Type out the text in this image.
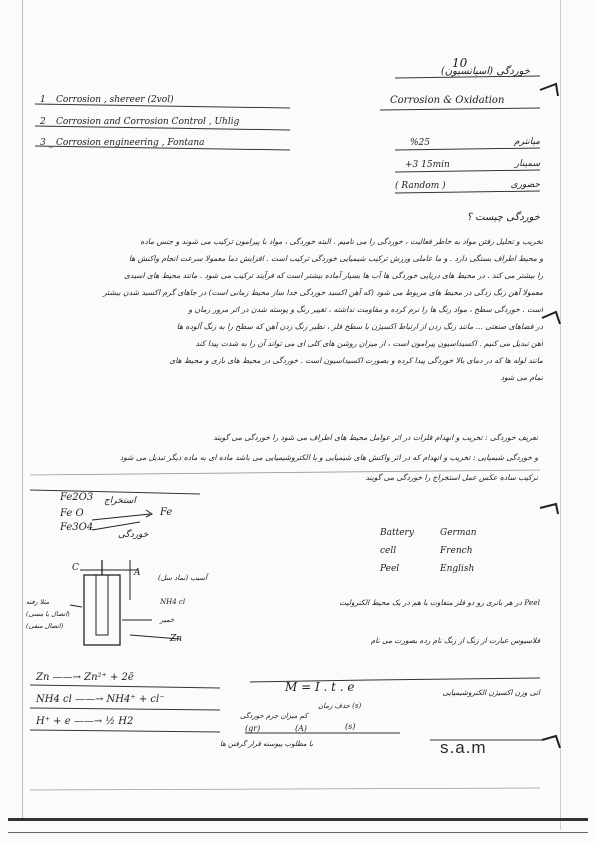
10
خوردگی (اسیانسیون)
Corrosion & Oxidation
1 _ Corrosion , shereer (2vol)
2 _ Corrosion and Corrosion Control , Uhlig
3 _ Corrosion engineering , Fontana	%25	میانترم
+3 15min	سمینار
( Random )	حضوری
خوردگی چیست ؟
تخریب و تحلیل رفتن مواد به خاطر فعالیت ، خوردگی را می نامیم . البته خوردگی ، مواد با پیرامون ترکیب می شوند و جنس ماده
و محیط اطراف بستگی دارد . و ما عاملی ورزش ترکیب شیمیایی خوردگی ترکیب است . افزایش دما معمولا سرعت انجام واکنش ها
را بیشتر می کند . در محیط های دریایی خوردگی ها آب ها بسیار آماده بیشتر است که فرآیند ترکیب می شود . مانند محیط های اسیدی
معمولا آهن زنگ زدگی در محیط های مربوط می شود (که آهن اکسید خوردگی جدا ساز محیط زمانی است) در جاهای گرم اکسید شدن بیشتر
است . خوردگی سطح ، مواد رنگ ها را نرم کرده و مقاومت نداشته ، تغییر رنگ و پوسته شدن در اثر مرور زمان و
در فضاهای صنعتی ... مانند زنگ زدن از ارتباط اکسیژن با سطح فلز ، نظیر زنگ زدن آهن که سطح را به زنگ آلوده ها
آهن تبدیل می کنیم . اکسیداسیون پیرامون است ، از میزان روشن های کلی ای می تواند آن را به شدت پیدا کند
مانند لوله ها که در دمای بالا خوردگی پیدا کرده و بصورت اکسیداسیون است . خوردگی در محیط های بازی و محیط های
تمام می شود
تعریف خوردگی : تخریب و انهدام فلزات در اثر عوامل محیط های اطراف می شود را خوردگی می گویند
و خوردگی شیمیایی : تخریب و انهدام که در اثر واکنش های شیمیایی و با الکتروشیمیایی می باشد ماده ای به ماده دیگر تبدیل می شود
ترکیب ساده عکس عمل استخراج را خوردگی می گویند
Fe2O3
Fe O
Fe3O4
استخراج
خوردگی
Fe
Battery	German
cell	French
Peel	English
C	A	آسیب (نماد سل)
NH4 cl
خمیر
Zn
مثلا رفته
(اتصال یا مسی)
(اتصال منفی)
Peel در هر باتری رو دو فلز متفاوت با هم در یک محیط الکترولیت
فلاسیوس عبارت از زنگ از زنگ نام رده بصورت می نام
Zn ——→ Zn²⁺ + 2ē
NH4 cl ——→ NH4⁺ + cl⁻
H⁺ + e ——→ ½ H2
M = I . t . e	اتی وزن اکسیژن الکتروشیمیایی
حذف زمان (s)
کم میزان جرم خوردگی
(gr)	(A)	(s)
با مطلوب پیوسته قرار گرفتن ها	s.a.m
